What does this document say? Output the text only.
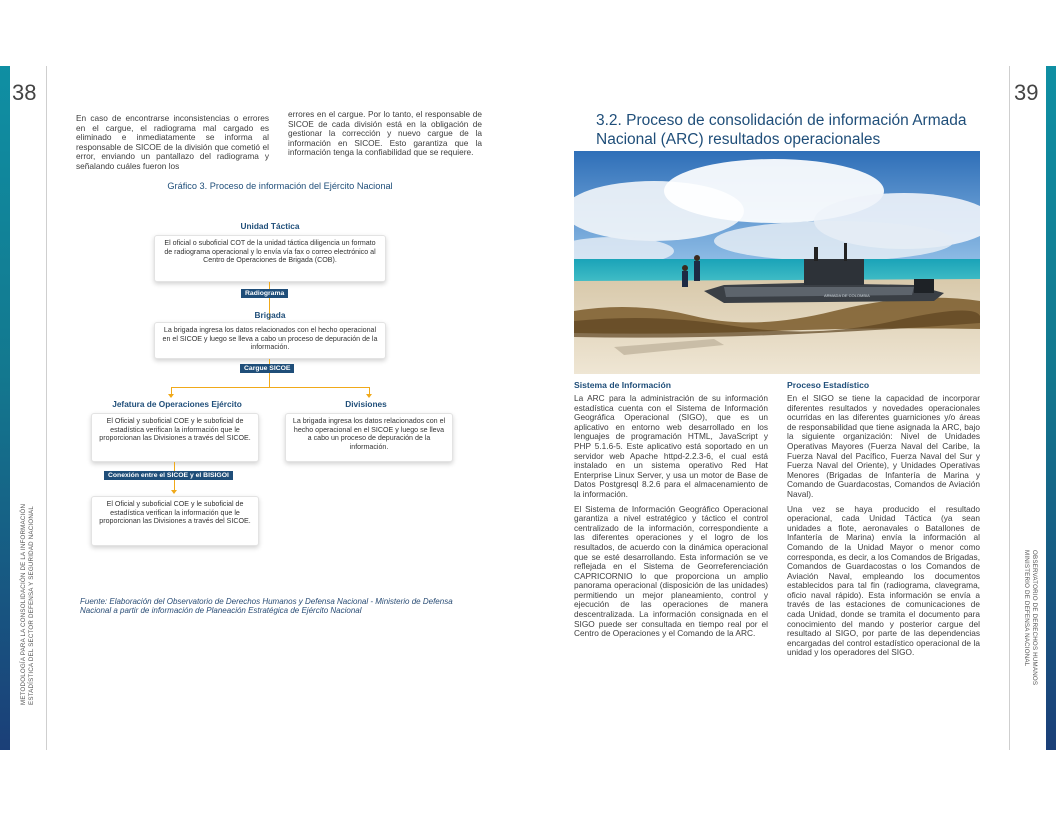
38	39
METODOLOGÍA PARA LA CONSOLIDACIÓN DE LA INFORMACIÓN ESTADÍSTICA DEL SECTOR DEFENSA Y SEGURIDAD NACIONAL	OBSERVATORIO DE DERECHOS HUMANOS
MINISTERIO DE DEFENSA NACIONAL
En caso de encontrarse inconsistencias o errores en el cargue, el radiograma mal cargado es eliminado e inmediatamente se informa al responsable de SICOE de la división que cometió el error, enviando un pantallazo del radiograma y señalando cuáles fueron los
errores en el cargue. Por lo tanto, el responsable de SICOE de cada división está en la obligación de gestionar la corrección y nuevo cargue de la información en SICOE. Esto garantiza que la información tenga la confiabilidad que se requiere.
Gráfico 3. Proceso de información del Ejército Nacional
Unidad Táctica
El oficial o suboficial COT de la unidad táctica diligencia un formato de radiograma operacional y lo envía vía fax o correo electrónico al Centro de Operaciones de Brigada (COB).
Radiograma
Brigada
La brigada ingresa los datos relacionados con el hecho operacional en el SICOE y luego se lleva a cabo un proceso de depuración de la información.
Cargue SICOE
Jefatura de Operaciones Ejército
El Oficial y suboficial COE y le suboficial de estadística verifican la información que le proporcionan las Divisiones a través del SICOE.
Divisiones
La brigada ingresa los datos relacionados con el hecho operacional en el SICOE y luego se lleva a cabo un proceso de depuración de la información.
Conexión entre el SICOE y el BISIGOI
El Oficial y suboficial COE y le suboficial de estadística verifican la información que le proporcionan las Divisiones a través del SICOE.
Fuente: Elaboración del Observatorio de Derechos Humanos y Defensa Nacional - Ministerio de Defensa Nacional a partir de información de Planeación Estratégica de Ejército Nacional
3.2. Proceso de consolidación de información Armada Nacional (ARC) resultados operacionales
ARMADA DE COLOMBIA
Sistema de Información
La ARC para la administración de su información estadística cuenta con el Sistema de Información Geográfica Operacional (SIGO), que es un aplicativo en entorno web desarrollado en los lenguajes de programación HTML, JavaScript y PHP 5.1.6-5. Este aplicativo está soportado en un servidor web Apache httpd-2.2.3-6, el cual está instalado en un sistema operativo Red Hat Enterprise Linux Server, y usa un motor de Base de Datos Postgresql 8.2.6 para el almacenamiento de la información.
El Sistema de Información Geográfico Operacional garantiza a nivel estratégico y táctico el control centralizado de la información, correspondiente a las diferentes operaciones y el logro de los resultados, de acuerdo con la dinámica operacional que se esté desarrollando. Esta información se ve reflejada en el Sistema de Georreferenciación CAPRICORNIO lo que proporciona un amplio panorama operacional (disposición de las unidades) permitiendo un mejor planeamiento, control y ejecución de las operaciones de manera descentralizada. La información consignada en el SIGO puede ser consultada en tiempo real por el Centro de Operaciones y el Comando de la ARC.
Proceso Estadístico
En el SIGO se tiene la capacidad de incorporar diferentes resultados y novedades operacionales ocurridas en las diferentes guarniciones y/o áreas de responsabilidad que tiene asignada la ARC, bajo la siguiente organización: Nivel de Unidades Operativas Mayores (Fuerza Naval del Caribe, la Fuerza Naval del Pacífico, Fuerza Naval del Sur y Fuerza Naval del Oriente), y Unidades Operativas Menores (Brigadas de Infantería de Marina y Comando de Guardacostas, Comandos de Aviación Naval).
Una vez se haya producido el resultado operacional, cada Unidad Táctica (ya sean unidades a flote, aeronavales o Batallones de Infantería de Marina) envía la información al Comando de la Unidad Mayor o menor como corresponda, es decir, a los Comandos de Brigadas, Comandos de Guardacostas o los Comandos de Aviación Naval, empleando los documentos establecidos para tal fin (radiograma, clavegrama, oficio naval rápido). Esta información se envía a través de las estaciones de comunicaciones de cada Unidad, donde se tramita el documento para conocimiento del mando y posterior cargue del resultado al SIGO, por parte de las dependencias encargadas del control estadístico operacional de la unidad y los operadores del SIGO.
